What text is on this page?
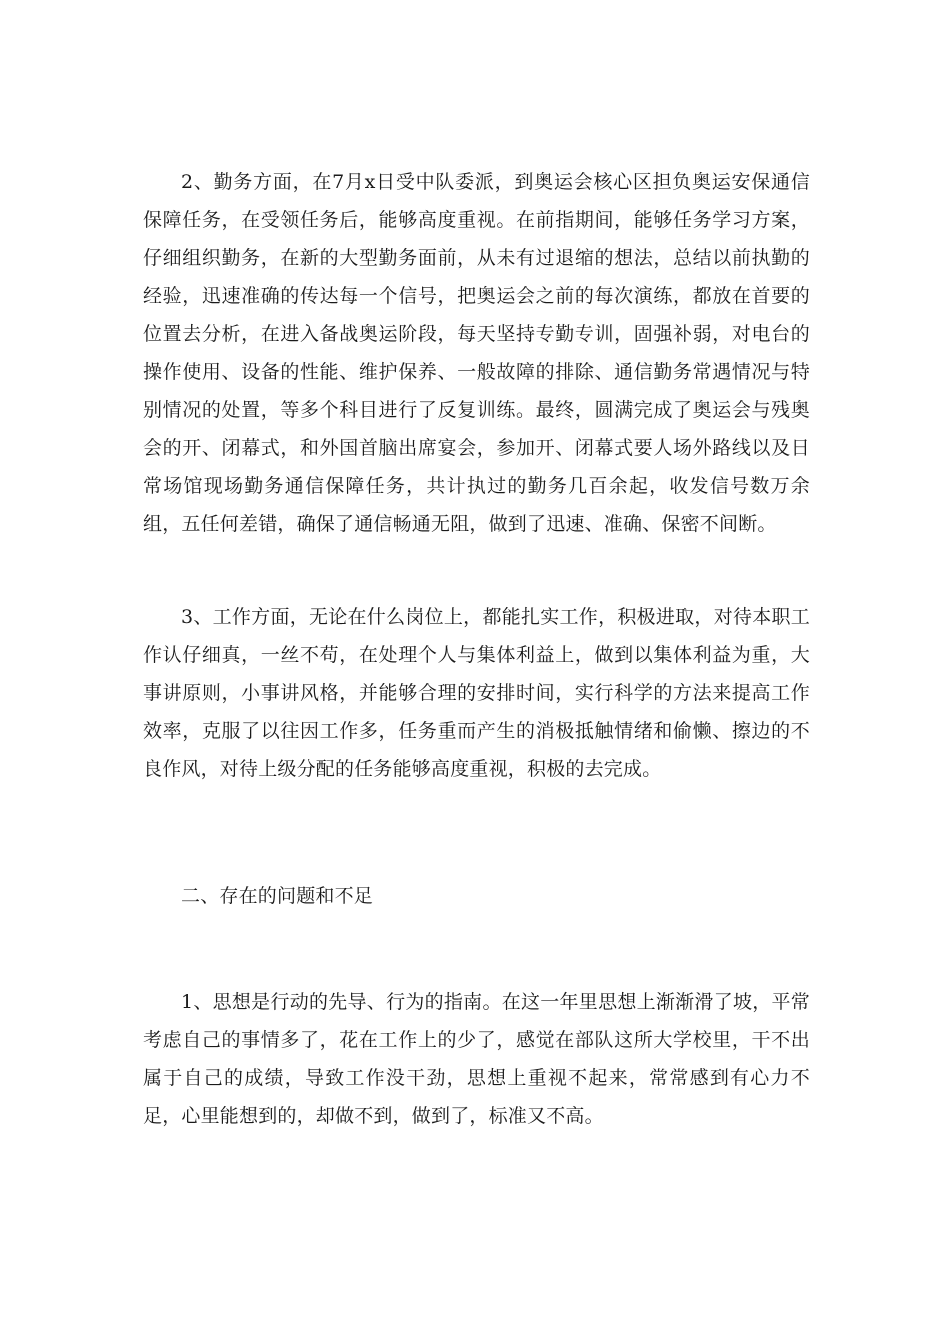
2、勤务方面，在7月x日受中队委派，到奥运会核心区担负奥运安保通信保障任务，在受领任务后，能够高度重视。在前指期间，能够任务学习方案，仔细组织勤务，在新的大型勤务面前，从未有过退缩的想法，总结以前执勤的经验，迅速准确的传达每一个信号，把奥运会之前的每次演练，都放在首要的位置去分析，在进入备战奥运阶段，每天坚持专勤专训，固强补弱，对电台的操作使用、设备的性能、维护保养、一般故障的排除、通信勤务常遇情况与特别情况的处置，等多个科目进行了反复训练。最终，圆满完成了奥运会与残奥会的开、闭幕式，和外国首脑出席宴会，参加开、闭幕式要人场外路线以及日常场馆现场勤务通信保障任务，共计执过的勤务几百余起，收发信号数万余组，五任何差错，确保了通信畅通无阻，做到了迅速、准确、保密不间断。

3、工作方面，无论在什么岗位上，都能扎实工作，积极进取，对待本职工作认仔细真，一丝不苟，在处理个人与集体利益上，做到以集体利益为重，大事讲原则，小事讲风格，并能够合理的安排时间，实行科学的方法来提高工作效率，克服了以往因工作多，任务重而产生的消极抵触情绪和偷懒、擦边的不良作风，对待上级分配的任务能够高度重视，积极的去完成。

二、存在的问题和不足

1、思想是行动的先导、行为的指南。在这一年里思想上渐渐滑了坡，平常考虑自己的事情多了，花在工作上的少了，感觉在部队这所大学校里，干不出属于自己的成绩，导致工作没干劲，思想上重视不起来，常常感到有心力不足，心里能想到的，却做不到，做到了，标准又不高。
